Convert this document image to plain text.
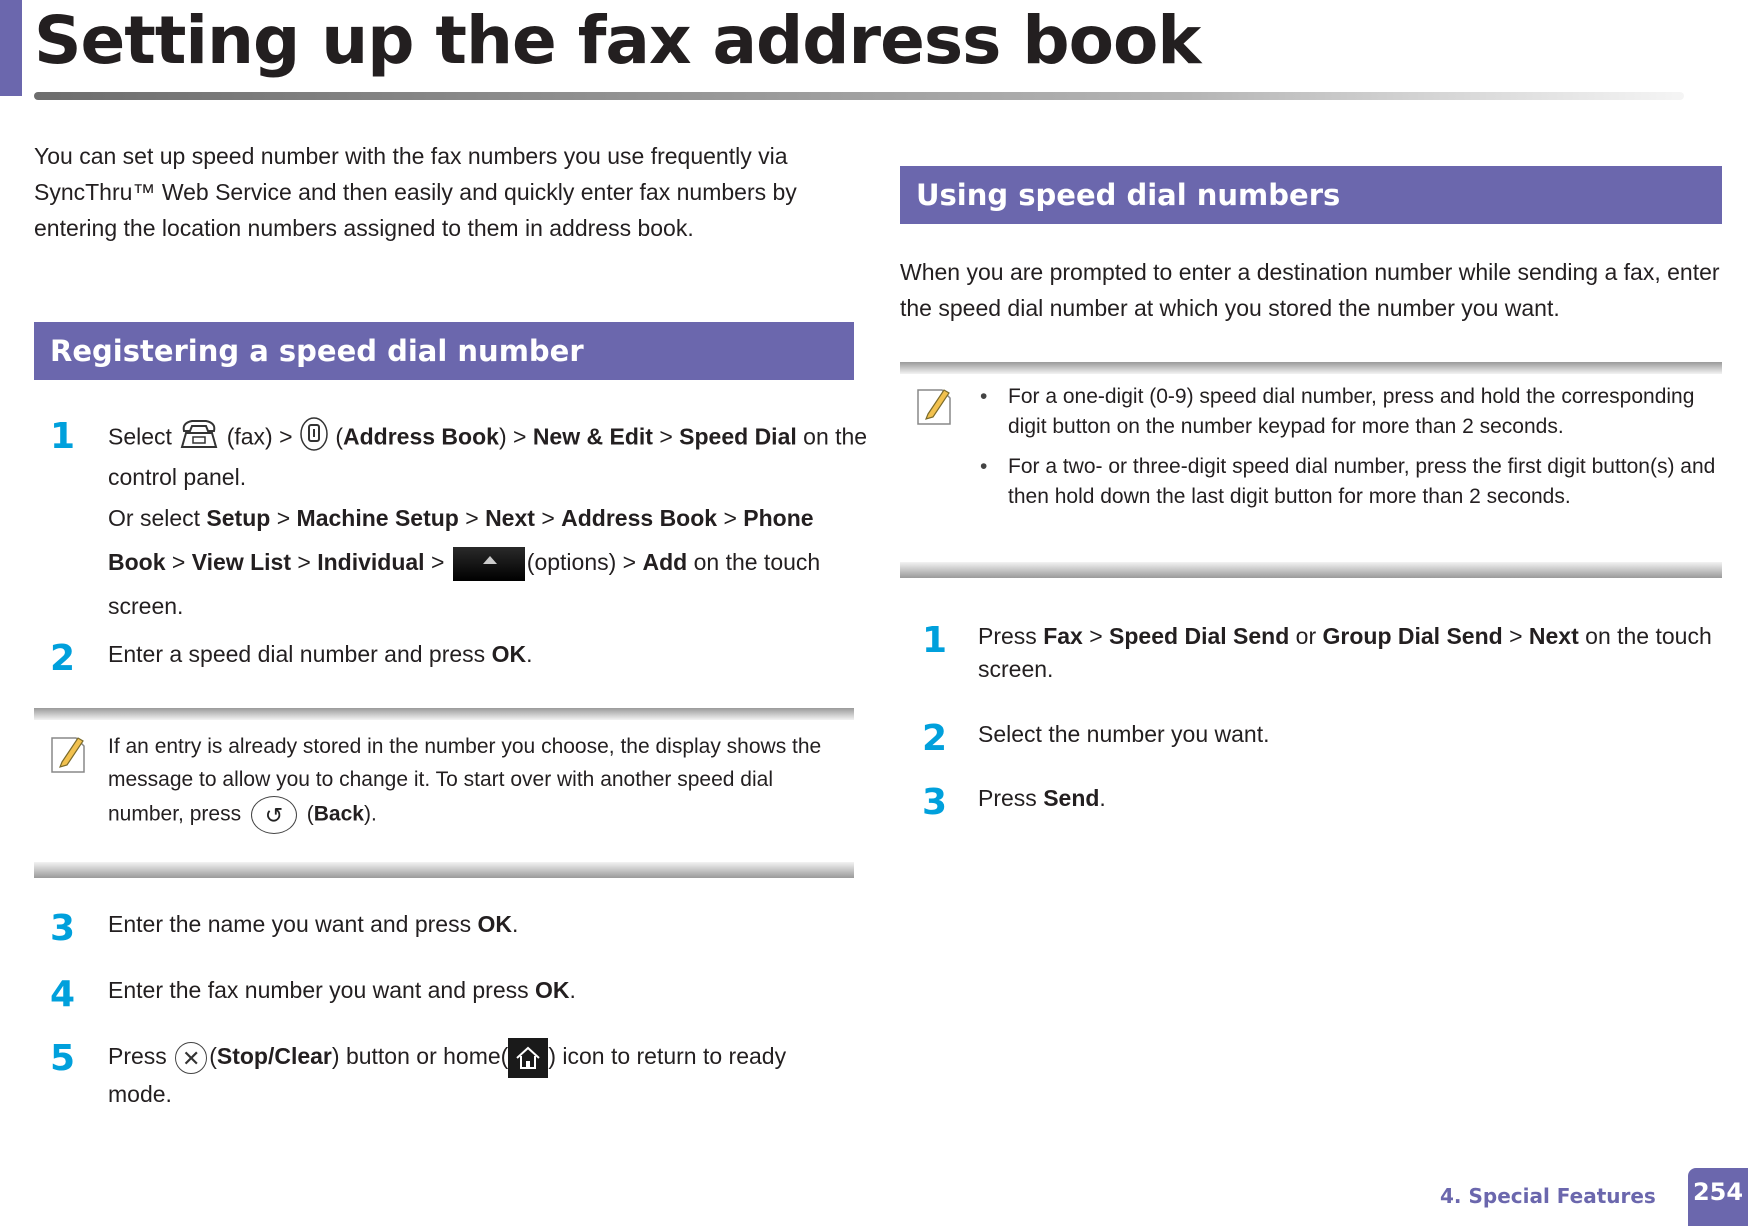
Setting up the fax address book

You can set up speed number with the fax numbers you use frequently via SyncThru™ Web Service and then easily and quickly enter fax numbers by entering the location numbers assigned to them in address book.

Registering a speed dial number
1 Select (fax) > (Address Book) > New & Edit > Speed Dial on the control panel.
Or select Setup > Machine Setup > Next > Address Book > Phone Book > View List > Individual >	(options) > Add on the touch screen.
2 Enter a speed dial number and press OK.
If an entry is already stored in the number you choose, the display shows the message to allow you to change it. To start over with another speed dial number, press ↺ (Back).
3 Enter the name you want and press OK.
4 Enter the fax number you want and press OK.
5 Press ✕ (Stop/Clear) button or home( ) icon to return to ready mode.
Using speed dial numbers

When you are prompted to enter a destination number while sending a fax, enter the speed dial number at which you stored the number you want.

• For a one-digit (0-9) speed dial number, press and hold the corresponding digit button on the number keypad for more than 2 seconds.
• For a two- or three-digit speed dial number, press the first digit button(s) and then hold down the last digit button for more than 2 seconds.
1 Press Fax > Speed Dial Send or Group Dial Send > Next on the touch screen.
2 Select the number you want.
3 Press Send.
4. Special Features 254
